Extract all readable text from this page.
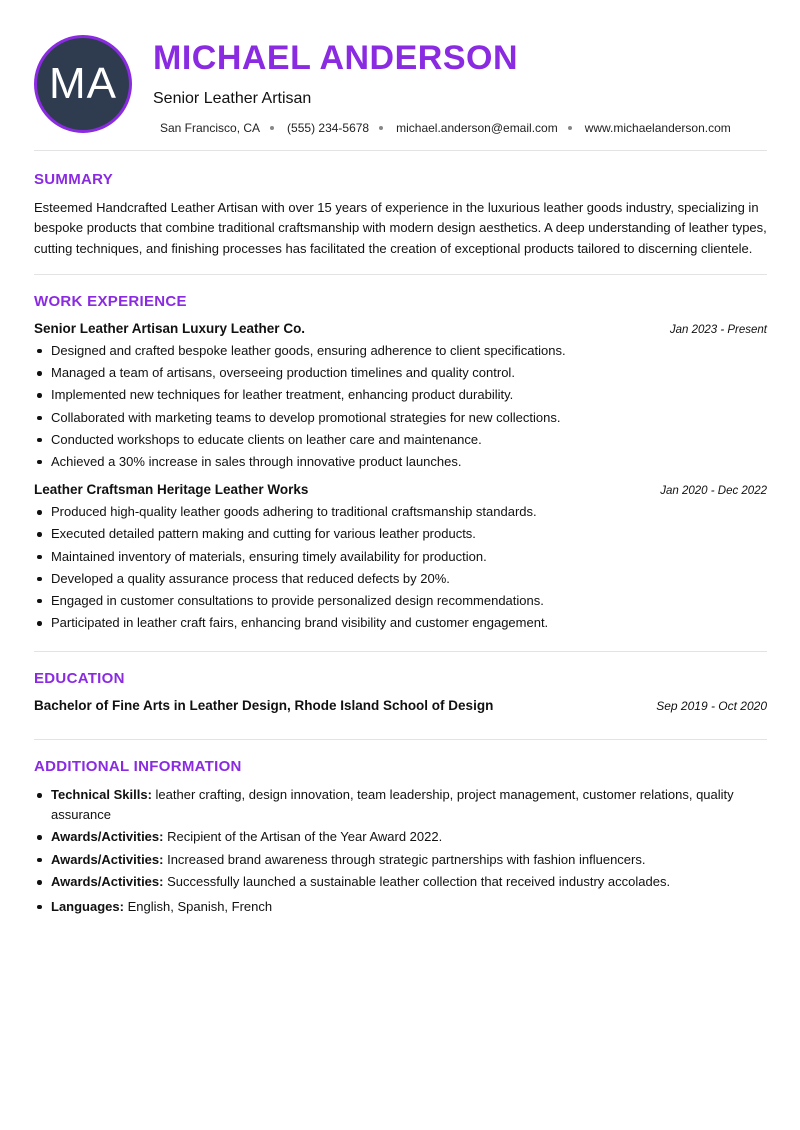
MA
MICHAEL ANDERSON
Senior Leather Artisan
San Francisco, CA (555) 234-5678 michael.anderson@email.com www.michaelanderson.com
SUMMARY

Esteemed Handcrafted Leather Artisan with over 15 years of experience in the luxurious leather goods industry, specializing in bespoke products that combine traditional craftsmanship with modern design aesthetics. A deep understanding of leather types, cutting techniques, and finishing processes has facilitated the creation of exceptional products tailored to discerning clientele.

WORK EXPERIENCE
Senior Leather Artisan Luxury Leather Co.	Jan 2023 - Present
Designed and crafted bespoke leather goods, ensuring adherence to client specifications.
Managed a team of artisans, overseeing production timelines and quality control.
Implemented new techniques for leather treatment, enhancing product durability.
Collaborated with marketing teams to develop promotional strategies for new collections.
Conducted workshops to educate clients on leather care and maintenance.
Achieved a 30% increase in sales through innovative product launches.
Leather Craftsman Heritage Leather Works	Jan 2020 - Dec 2022
Produced high-quality leather goods adhering to traditional craftsmanship standards.
Executed detailed pattern making and cutting for various leather products.
Maintained inventory of materials, ensuring timely availability for production.
Developed a quality assurance process that reduced defects by 20%.
Engaged in customer consultations to provide personalized design recommendations.
Participated in leather craft fairs, enhancing brand visibility and customer engagement.
EDUCATION
Bachelor of Fine Arts in Leather Design, Rhode Island School of Design	Sep 2019 - Oct 2020
ADDITIONAL INFORMATION
Technical Skills: leather crafting, design innovation, team leadership, project management, customer relations, quality assurance
Awards/Activities: Recipient of the Artisan of the Year Award 2022.
Awards/Activities: Increased brand awareness through strategic partnerships with fashion influencers.
Awards/Activities: Successfully launched a sustainable leather collection that received industry accolades.
Languages: English, Spanish, French
